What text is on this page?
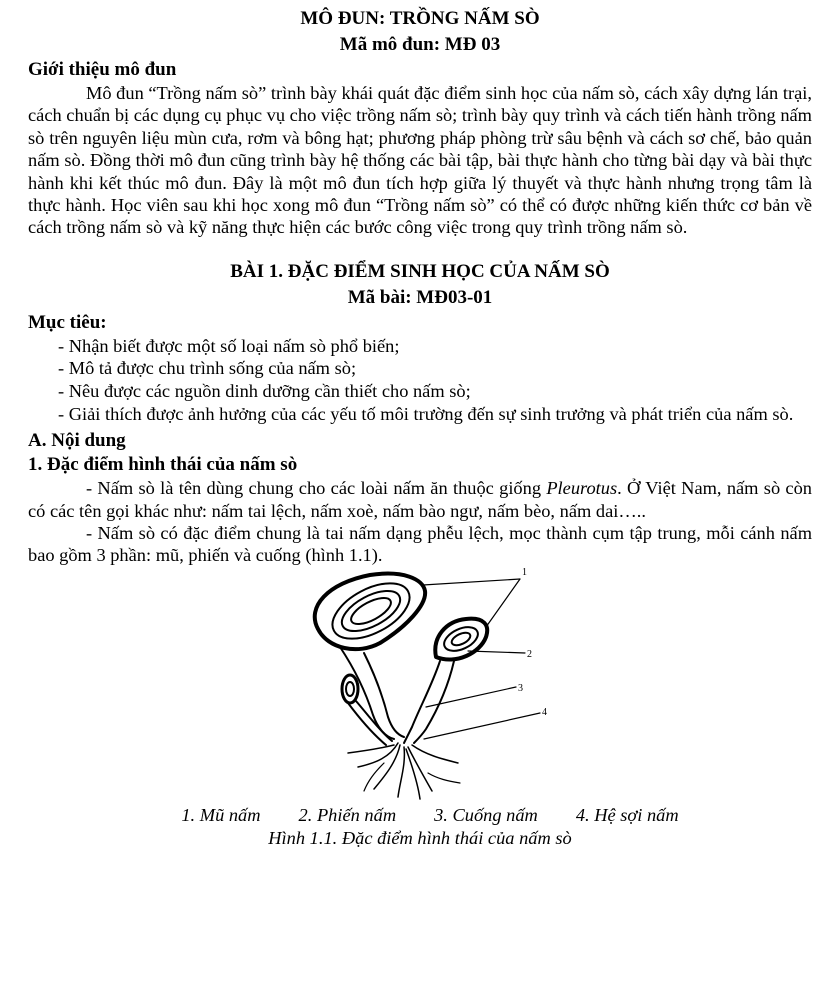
MÔ ĐUN: TRỒNG NẤM SÒ
Mã mô đun: MĐ 03
Giới thiệu mô đun

Mô đun “Trồng nấm sò” trình bày khái quát đặc điểm sinh học của nấm sò, cách xây dựng lán trại, cách chuẩn bị các dụng cụ phục vụ cho việc trồng nấm sò; trình bày quy trình và cách tiến hành trồng nấm sò trên nguyên liệu mùn cưa, rơm và bông hạt; phương pháp phòng trừ sâu bệnh và cách sơ chế, bảo quản nấm sò. Đồng thời mô đun cũng trình bày hệ thống các bài tập, bài thực hành cho từng bài dạy và bài thực hành khi kết thúc mô đun. Đây là một mô đun tích hợp giữa lý thuyết và thực hành nhưng trọng tâm là thực hành. Học viên sau khi học xong mô đun “Trồng nấm sò” có thể có được những kiến thức cơ bản về cách trồng nấm sò và kỹ năng thực hiện các bước công việc trong quy trình trồng nấm sò.

BÀI 1. ĐẶC ĐIỂM SINH HỌC CỦA NẤM SÒ
Mã bài: MĐ03-01
Mục tiêu:
- Nhận biết được một số loại nấm sò phổ biến;
- Mô tả được chu trình sống của nấm sò;
- Nêu được các nguồn dinh dưỡng cần thiết cho nấm sò;
- Giải thích được ảnh hưởng của các yếu tố môi trường đến sự sinh trưởng và phát triển của nấm sò.
A. Nội dung
1. Đặc điểm hình thái của nấm sò

- Nấm sò là tên dùng chung cho các loài nấm ăn thuộc giống Pleurotus. Ở Việt Nam, nấm sò còn có các tên gọi khác như: nấm tai lệch, nấm xoè, nấm bào ngư, nấm bèo, nấm dai…..

- Nấm sò có đặc điểm chung là tai nấm dạng phễu lệch, mọc thành cụm tập trung, mỗi cánh nấm bao gồm 3 phần: mũ, phiến và cuống (hình 1.1).

1
2
3
4
1. Mũ nấm 2. Phiến nấm 3. Cuống nấm 4. Hệ sợi nấm
Hình 1.1. Đặc điểm hình thái của nấm sò
